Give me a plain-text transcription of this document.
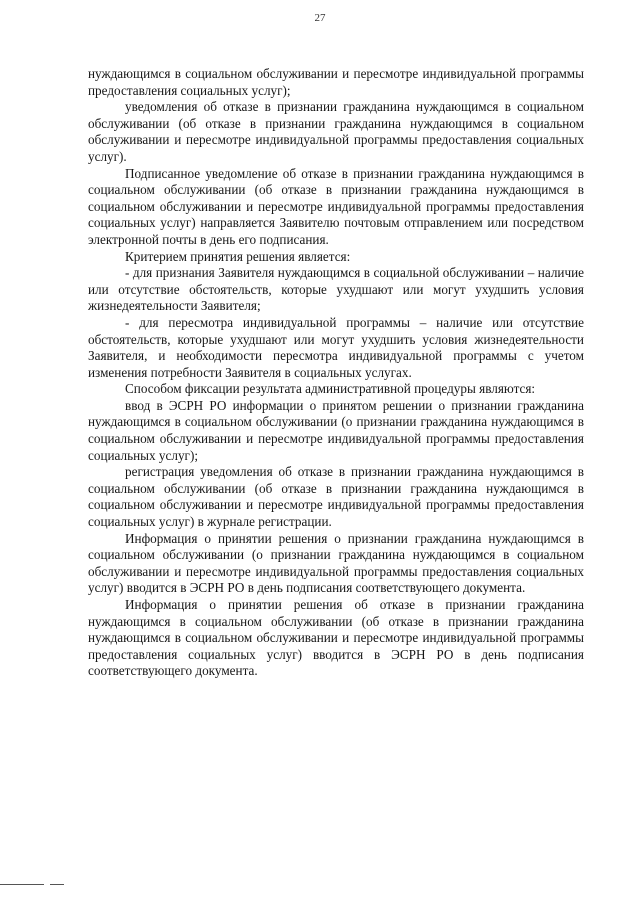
27

нуждающимся в социальном обслуживании и пересмотре индивидуальной программы предоставления социальных услуг);

уведомления об отказе в признании гражданина нуждающимся в социальном обслуживании (об отказе в признании гражданина нуждающимся в социальном обслуживании и пересмотре индивидуальной программы предоставления социальных услуг).

Подписанное уведомление об отказе в признании гражданина нуждающимся в социальном обслуживании (об отказе в признании гражданина нуждающимся в социальном обслуживании и пересмотре индивидуальной программы предоставления социальных услуг) направляется Заявителю почтовым отправлением или посредством электронной почты в день его подписания.

Критерием принятия решения является:

- для признания Заявителя нуждающимся в социальной обслуживании – наличие или отсутствие обстоятельств, которые ухудшают или могут ухудшить условия жизнедеятельности Заявителя;

- для пересмотра индивидуальной программы – наличие или отсутствие обстоятельств, которые ухудшают или могут ухудшить условия жизнедеятельности Заявителя, и необходимости пересмотра индивидуальной программы с учетом изменения потребности Заявителя в социальных услугах.

Способом фиксации результата административной процедуры являются:

ввод в ЭСРН РО информации о принятом решении о признании гражданина нуждающимся в социальном обслуживании (о признании гражданина нуждающимся в социальном обслуживании и пересмотре индивидуальной программы предоставления социальных услуг);

регистрация уведомления об отказе в признании гражданина нуждающимся в социальном обслуживании (об отказе в признании гражданина нуждающимся в социальном обслуживании и пересмотре индивидуальной программы предоставления социальных услуг) в журнале регистрации.

Информация о принятии решения о признании гражданина нуждающимся в социальном обслуживании (о признании гражданина нуждающимся в социальном обслуживании и пересмотре индивидуальной программы предоставления социальных услуг) вводится в ЭСРН РО в день подписания соответствующего документа.

Информация о принятии решения об отказе в признании гражданина нуждающимся в социальном обслуживании (об отказе в признании гражданина нуждающимся в социальном обслуживании и пересмотре индивидуальной программы предоставления социальных услуг) вводится в ЭСРН РО в день подписания соответствующего документа.
